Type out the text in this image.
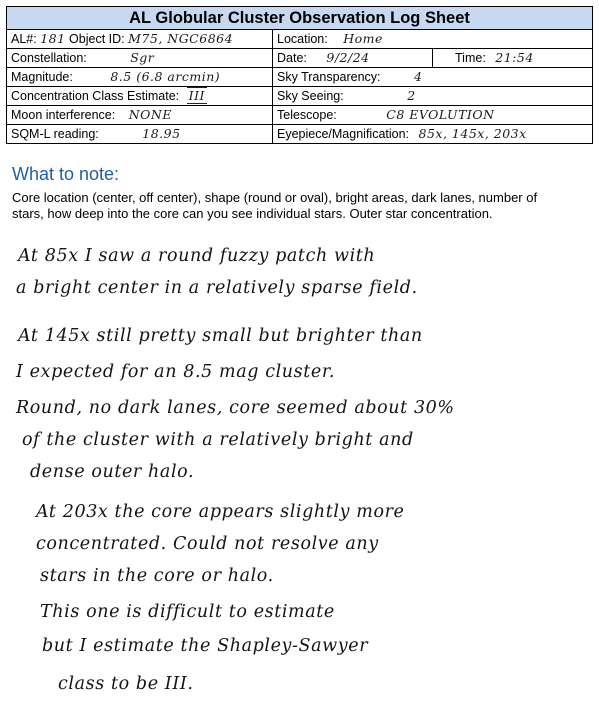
AL Globular Cluster Observation Log Sheet		
AL#: 181 Object ID: M75, NGC6864	Location: Home	
Constellation: Sgr	Date: 9/2/24	Time: 21:54
Magnitude: 8.5 (6.8 arcmin)	Sky Transparency: 4	
Concentration Class Estimate: III	Sky Seeing: 2	
Moon interference: NONE	Telescope: C8 EVOLUTION	
SQM-L reading: 18.95	Eyepiece/Magnification: 85x, 145x, 203x	
What to note:
Core location (center, off center), shape (round or oval), bright areas, dark lanes, number of stars, how deep into the core can you see individual stars. Outer star concentration.
At 85x I saw a round fuzzy patch with
a bright center in a relatively sparse field.
At 145x still pretty small but brighter than
I expected for an 8.5 mag cluster.
Round, no dark lanes, core seemed about 30%
of the cluster with a relatively bright and
dense outer halo.
At 203x the core appears slightly more
concentrated. Could not resolve any
stars in the core or halo.
This one is difficult to estimate
but I estimate the Shapley-Sawyer
class to be III.
